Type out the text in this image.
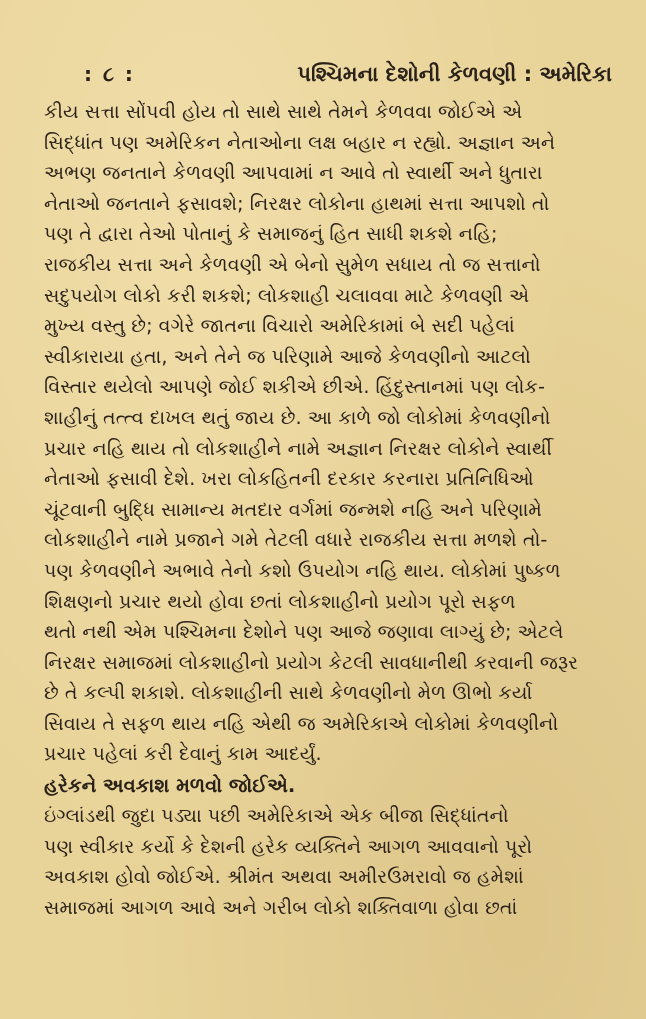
: ૮ :	પશ્ચિમના દેશોની કેળવણી : અમેરિકા

કીય સત્તા સોંપવી હોય તો સાથે સાથે તેમને કેળવવા જોઈએ એ
સિદ્ધાંત પણ અમેરિકન નેતાઓના લક્ષ બહાર ન રહ્યો. અજ્ઞાન અને
અભણ જનતાને કેળવણી આપવામાં ન આવે તો સ્વાર્થી અને ધુતારા
નેતાઓ જનતાને ફસાવશે; નિરક્ષર લોકોના હાથમાં સત્તા આપશો તો
પણ તે દ્વારા તેઓ પોતાનું કે સમાજનું હિત સાધી શકશે નહિ;
રાજકીય સત્તા અને કેળવણી એ બેનો સુમેળ સધાય તો જ સત્તાનો
સદુપયોગ લોકો કરી શકશે; લોકશાહી ચલાવવા માટે કેળવણી એ
મુખ્ય વસ્તુ છે; વગેરે જાતના વિચારો અમેરિકામાં બે સદી પહેલાં
સ્વીકારાયા હતા, અને તેને જ પરિણામે આજે કેળવણીનો આટલો
વિસ્તાર થયેલો આપણે જોઈ શકીએ છીએ. હિંદુસ્તાનમાં પણ લોક-
શાહીનું તત્ત્વ દાખલ થતું જાય છે. આ કાળે જો લોકોમાં કેળવણીનો
પ્રચાર નહિ થાય તો લોકશાહીને નામે અજ્ઞાન નિરક્ષર લોકોને સ્વાર્થી
નેતાઓ ફસાવી દેશે. ખરા લોકહિતની દરકાર કરનારા પ્રતિનિધિઓ
ચૂંટવાની બુદ્ધિ સામાન્ય મતદાર વર્ગમાં જન્મશે નહિ અને પરિણામે
લોકશાહીને નામે પ્રજાને ગમે તેટલી વધારે રાજકીય સત્તા મળશે તો-
પણ કેળવણીને અભાવે તેનો કશો ઉપયોગ નહિ થાય. લોકોમાં પુષ્કળ
શિક્ષણનો પ્રચાર થયો હોવા છતાં લોકશાહીનો પ્રયોગ પૂરો સફળ
થતો નથી એમ પશ્ચિમના દેશોને પણ આજે જણાવા લાગ્યું છે; એટલે
નિરક્ષર સમાજમાં લોકશાહીનો પ્રયોગ કેટલી સાવધાનીથી કરવાની જરૂર
છે તે કલ્પી શકાશે. લોકશાહીની સાથે કેળવણીનો મેળ ઊભો કર્યા
સિવાય તે સફળ થાય નહિ એથી જ અમેરિકાએ લોકોમાં કેળવણીનો
પ્રચાર પહેલાં કરી દેવાનું કામ આદર્યું.

હરેકને અવકાશ મળવો જોઈએ.

ઇંગ્લાંડથી જુદા પડ્યા પછી અમેરિકાએ એક બીજા સિદ્ધાંતનો
પણ સ્વીકાર કર્યો કે દેશની હરેક વ્યક્તિને આગળ આવવાનો પૂરો
અવકાશ હોવો જોઈએ. શ્રીમંત અથવા અમીરઉમરાવો જ હમેશાં
સમાજમાં આગળ આવે અને ગરીબ લોકો શક્તિવાળા હોવા છતાં
